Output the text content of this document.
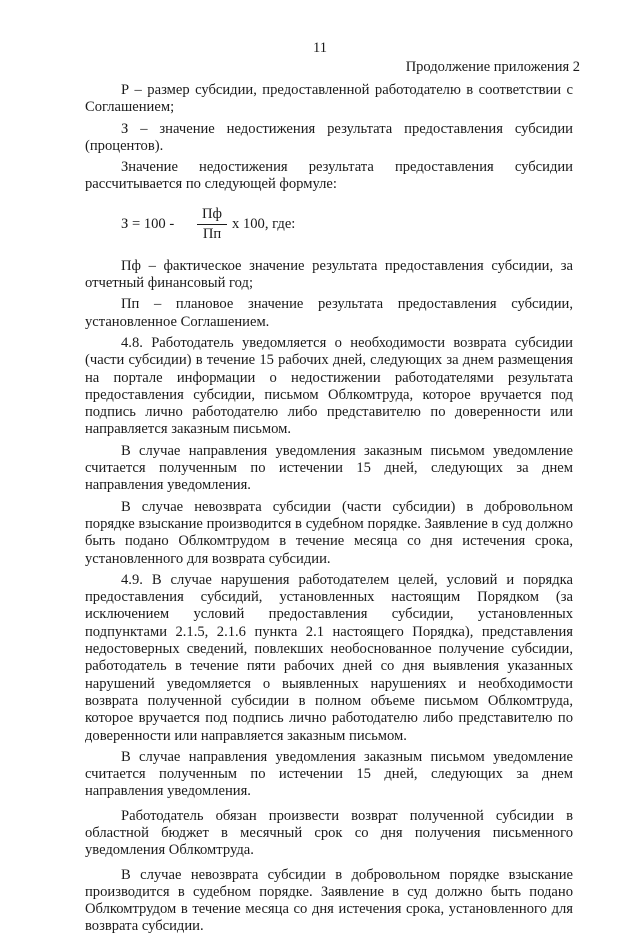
11
Продолжение приложения 2

Р – размер субсидии, предоставленной работодателю в соответствии с Соглашением;

З – значение недостижения результата предоставления субсидии (процентов).

Значение недостижения результата предоставления субсидии рассчитывается по следующей формуле:

З = 100 -
Пф
Пп
х 100, где:

Пф – фактическое значение результата предоставления субсидии, за отчетный финансовый год;

Пп – плановое значение результата предоставления субсидии, установленное Соглашением.

4.8. Работодатель уведомляется о необходимости возврата субсидии (части субсидии) в течение 15 рабочих дней, следующих за днем размещения на портале информации о недостижении работодателями результата предоставления субсидии, письмом Облкомтруда, которое вручается под подпись лично работодателю либо представителю по доверенности или направляется заказным письмом.

В случае направления уведомления заказным письмом уведомление считается полученным по истечении 15 дней, следующих за днем направления уведомления.

В случае невозврата субсидии (части субсидии) в добровольном порядке взыскание производится в судебном порядке. Заявление в суд должно быть подано Облкомтрудом в течение месяца со дня истечения срока, установленного для возврата субсидии.

4.9. В случае нарушения работодателем целей, условий и порядка предоставления субсидий, установленных настоящим Порядком (за исключением условий предоставления субсидии, установленных подпунктами 2.1.5, 2.1.6 пункта 2.1 настоящего Порядка), представления недостоверных сведений, повлекших необоснованное получение субсидии, работодатель в течение пяти рабочих дней со дня выявления указанных нарушений уведомляется о выявленных нарушениях и необходимости возврата полученной субсидии в полном объеме письмом Облкомтруда, которое вручается под подпись лично работодателю либо представителю по доверенности или направляется заказным письмом.

В случае направления уведомления заказным письмом уведомление считается полученным по истечении 15 дней, следующих за днем направления уведомления.

Работодатель обязан произвести возврат полученной субсидии в областной бюджет в месячный срок со дня получения письменного уведомления Облкомтруда.

В случае невозврата субсидии в добровольном порядке взыскание производится в судебном порядке. Заявление в суд должно быть подано Облкомтрудом в течение месяца со дня истечения срока, установленного для возврата субсидии.
